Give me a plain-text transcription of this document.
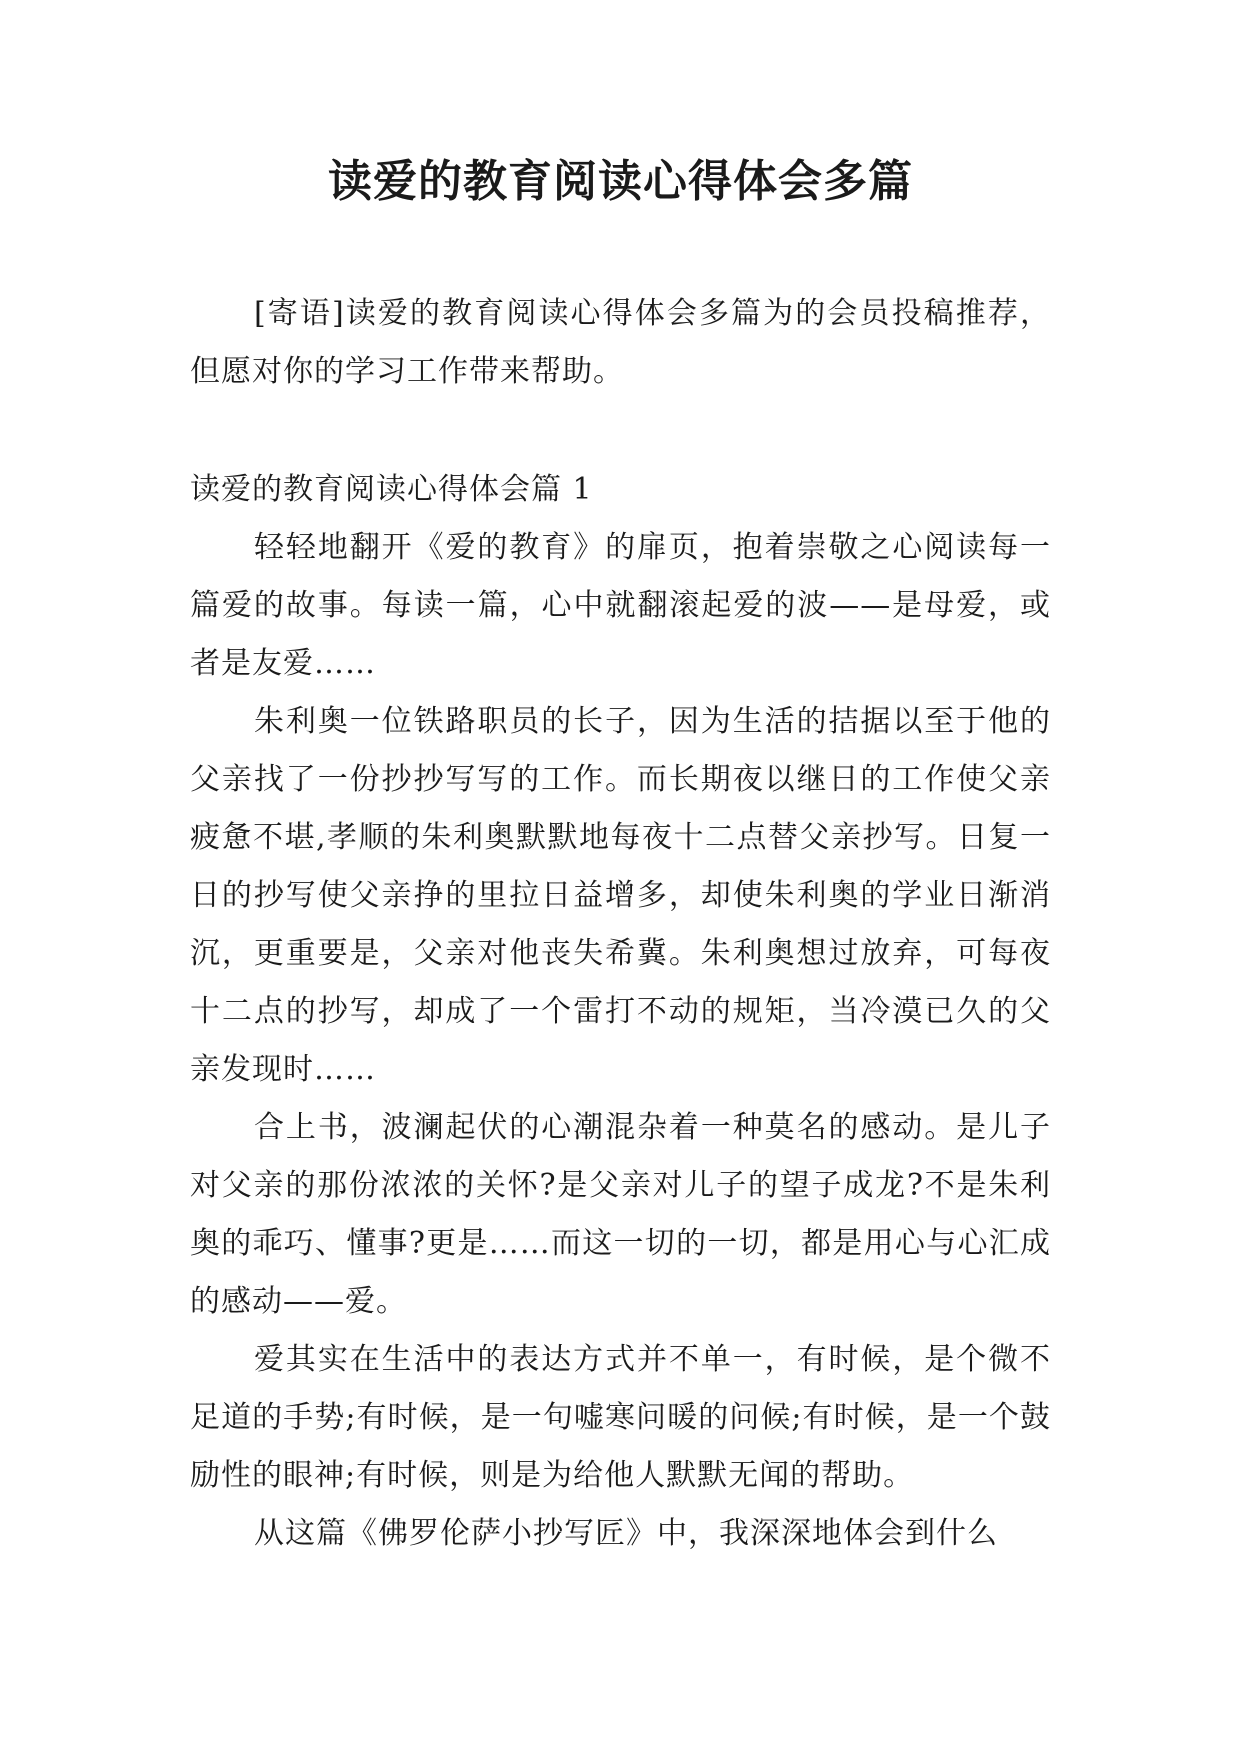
读爱的教育阅读心得体会多篇

[寄语]读爱的教育阅读心得体会多篇为的会员投稿推荐，但愿对你的学习工作带来帮助。

读爱的教育阅读心得体会篇 1

轻轻地翻开《爱的教育》的扉页，抱着崇敬之心阅读每一篇爱的故事。每读一篇，心中就翻滚起爱的波——是母爱，或者是友爱……

朱利奥一位铁路职员的长子，因为生活的拮据以至于他的父亲找了一份抄抄写写的工作。而长期夜以继日的工作使父亲疲惫不堪,孝顺的朱利奥默默地每夜十二点替父亲抄写。日复一日的抄写使父亲挣的里拉日益增多，却使朱利奥的学业日渐消沉，更重要是，父亲对他丧失希冀。朱利奥想过放弃，可每夜十二点的抄写，却成了一个雷打不动的规矩，当冷漠已久的父亲发现时……

合上书，波澜起伏的心潮混杂着一种莫名的感动。是儿子对父亲的那份浓浓的关怀?是父亲对儿子的望子成龙?不是朱利奥的乖巧、懂事?更是……而这一切的一切，都是用心与心汇成的感动——爱。

爱其实在生活中的表达方式并不单一，有时候，是个微不足道的手势;有时候，是一句嘘寒问暖的问候;有时候，是一个鼓励性的眼神;有时候，则是为给他人默默无闻的帮助。

从这篇《佛罗伦萨小抄写匠》中，我深深地体会到什么
